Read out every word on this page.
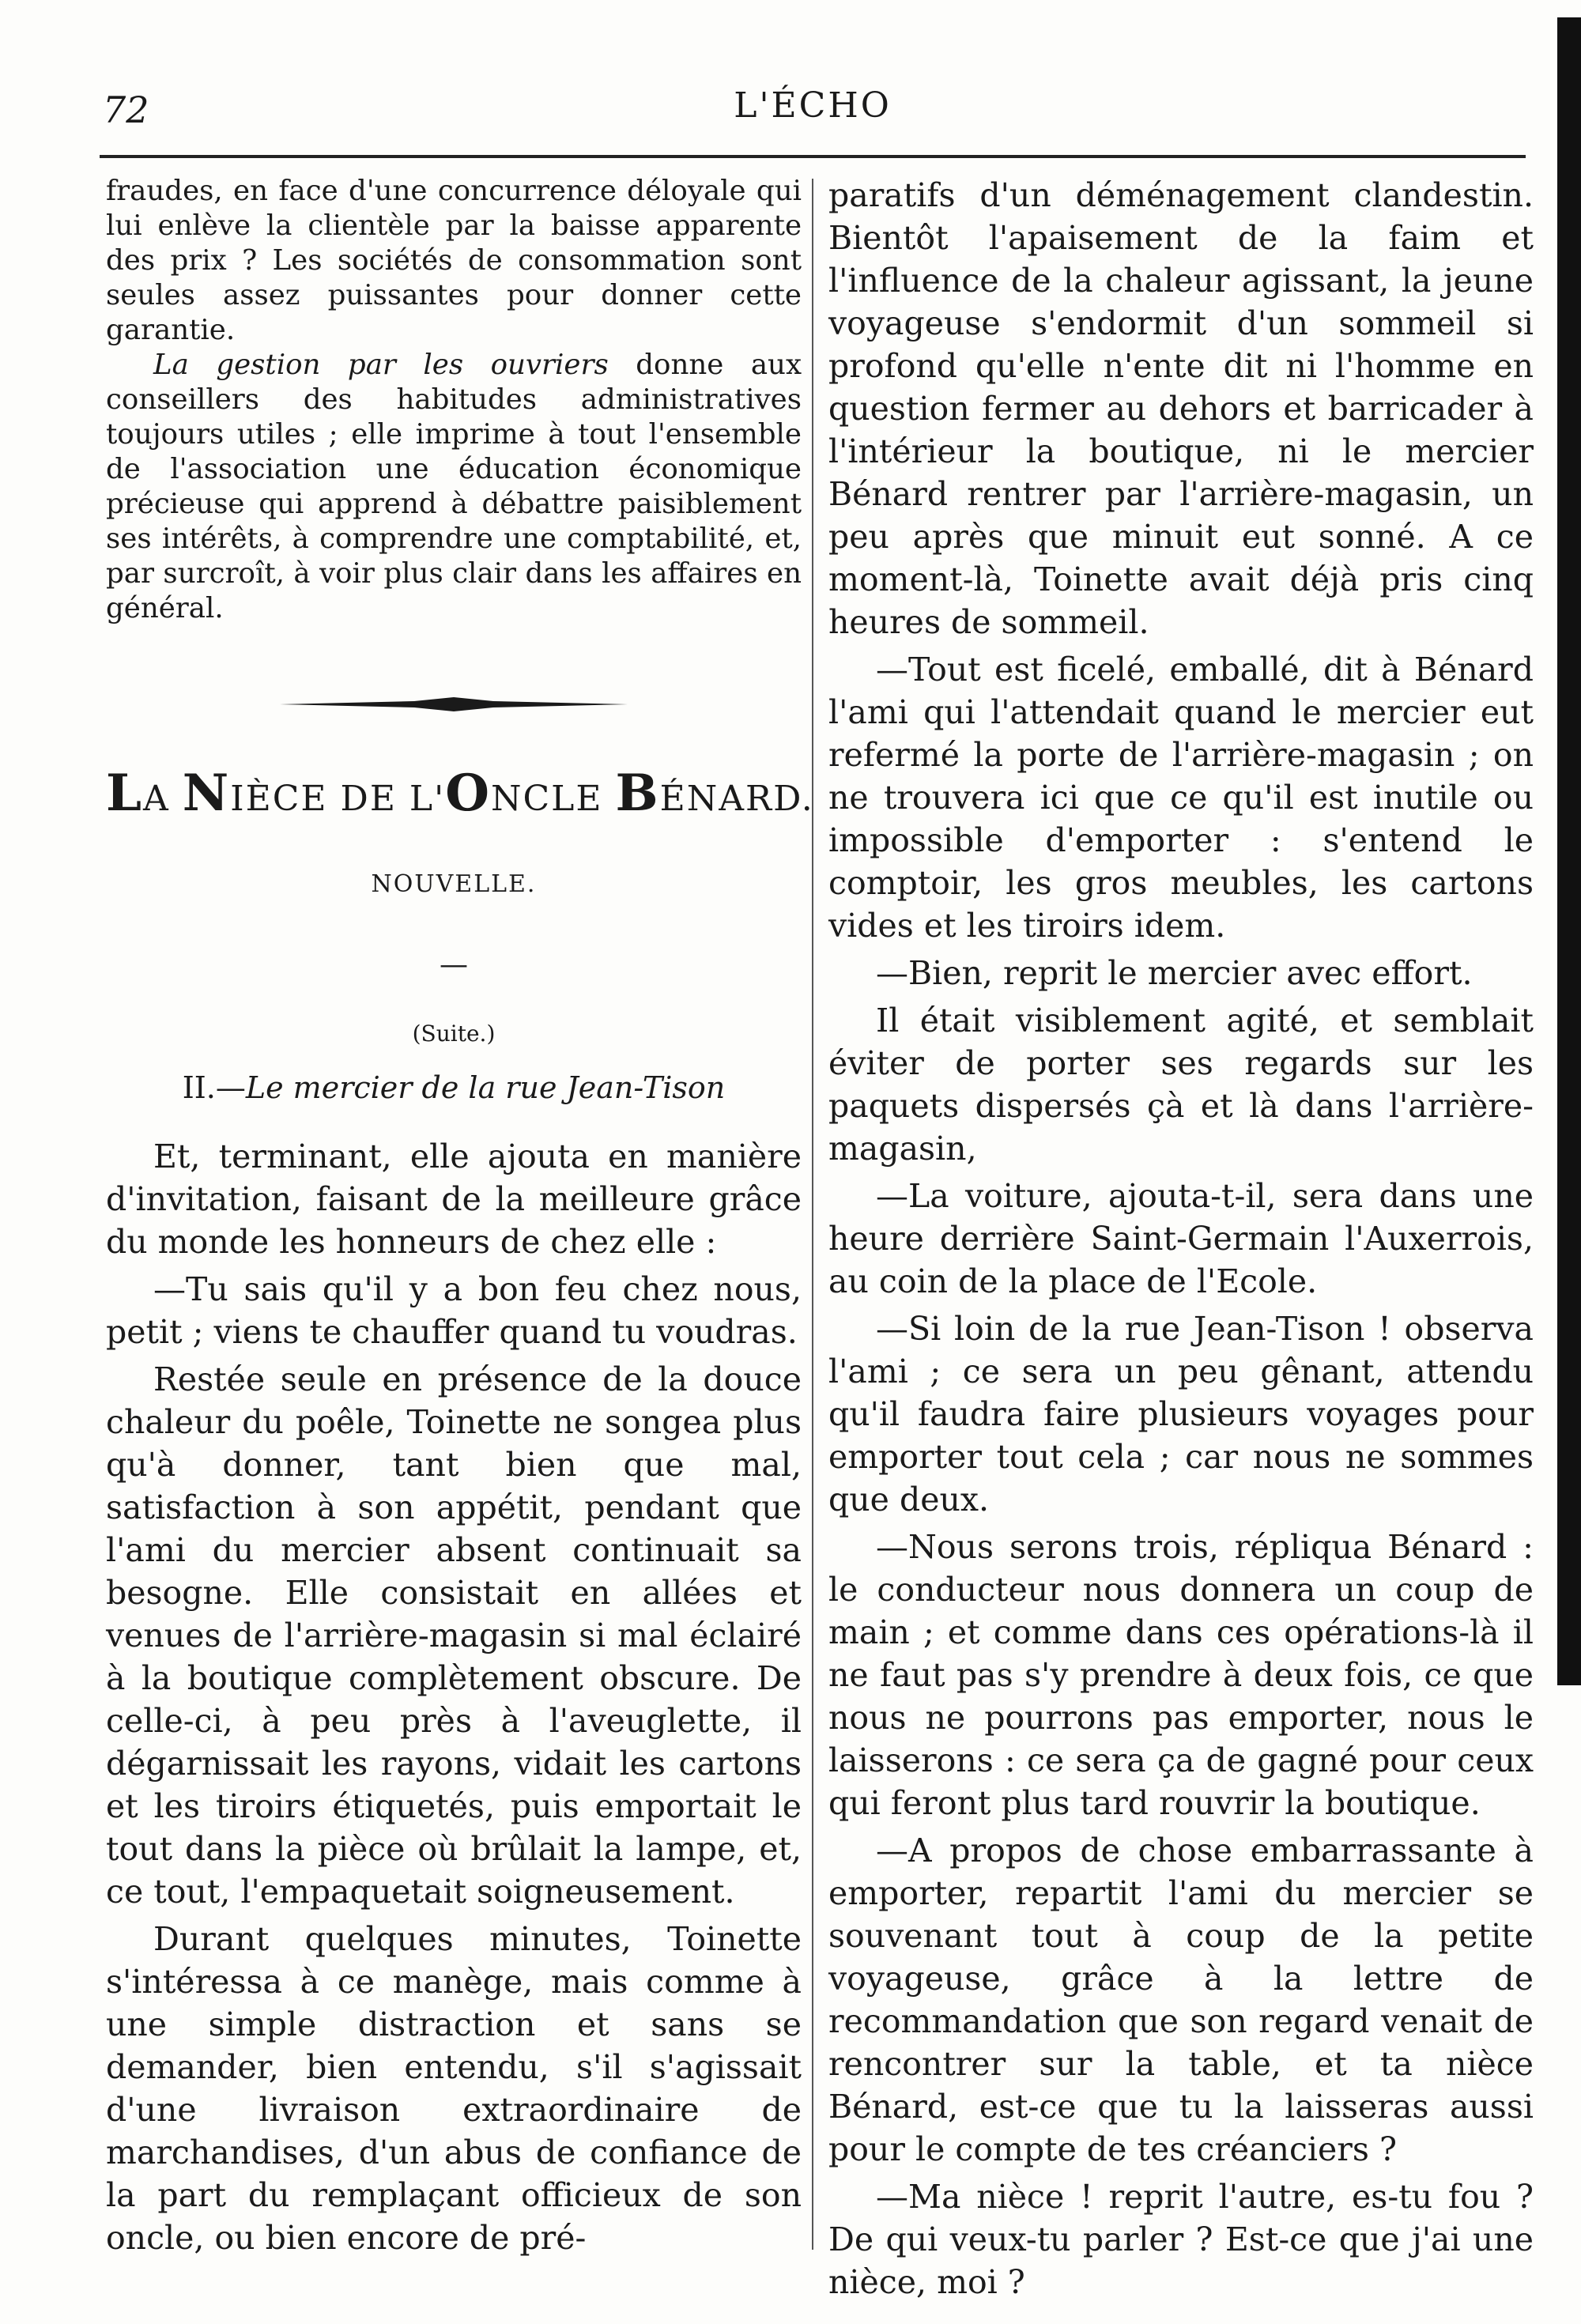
72	L'ÉCHO

fraudes, en face d'une concurrence déloyale qui lui enlève la clientèle par la baisse apparente des prix ? Les sociétés de consommation sont seules assez puissantes pour donner cette garantie.

La gestion par les ouvriers donne aux conseillers des habitudes administratives toujours utiles ; elle imprime à tout l'ensemble de l'association une éducation économique précieuse qui apprend à débattre paisiblement ses intérêts, à comprendre une comptabilité, et, par surcroît, à voir plus clair dans les affaires en général.

LA NIÈCE DE L'ONCLE BÉNARD.
NOUVELLE.
—
(Suite.)
II.—Le mercier de la rue Jean-Tison

Et, terminant, elle ajouta en manière d'invitation, faisant de la meilleure grâce du monde les honneurs de chez elle :

—Tu sais qu'il y a bon feu chez nous, petit ; viens te chauffer quand tu voudras.

Restée seule en présence de la douce chaleur du poêle, Toinette ne songea plus qu'à donner, tant bien que mal, satisfaction à son appétit, pendant que l'ami du mercier absent continuait sa besogne. Elle consistait en allées et venues de l'arrière-magasin si mal éclairé à la boutique complètement obscure. De celle-ci, à peu près à l'aveuglette, il dégarnissait les rayons, vidait les cartons et les tiroirs étiquetés, puis emportait le tout dans la pièce où brûlait la lampe, et, ce tout, l'empaquetait soigneusement.

Durant quelques minutes, Toinette s'intéressa à ce manège, mais comme à une simple distraction et sans se demander, bien entendu, s'il s'agissait d'une livraison extraordinaire de marchandises, d'un abus de confiance de la part du remplaçant officieux de son oncle, ou bien encore de pré-

paratifs d'un déménagement clandestin. Bientôt l'apaisement de la faim et l'influence de la chaleur agissant, la jeune voyageuse s'endormit d'un sommeil si profond qu'elle n'ente dit ni l'homme en question fermer au dehors et barricader à l'intérieur la boutique, ni le mercier Bénard rentrer par l'arrière-magasin, un peu après que minuit eut sonné. A ce moment-là, Toinette avait déjà pris cinq heures de sommeil.

—Tout est ficelé, emballé, dit à Bénard l'ami qui l'attendait quand le mercier eut refermé la porte de l'arrière-magasin ; on ne trouvera ici que ce qu'il est inutile ou impossible d'emporter : s'entend le comptoir, les gros meubles, les cartons vides et les tiroirs idem.

—Bien, reprit le mercier avec effort.

Il était visiblement agité, et semblait éviter de porter ses regards sur les paquets dispersés çà et là dans l'arrière-magasin,

—La voiture, ajouta-t-il, sera dans une heure derrière Saint-Germain l'Auxerrois, au coin de la place de l'Ecole.

—Si loin de la rue Jean-Tison ! observa l'ami ; ce sera un peu gênant, attendu qu'il faudra faire plusieurs voyages pour emporter tout cela ; car nous ne sommes que deux.

—Nous serons trois, répliqua Bénard : le conducteur nous donnera un coup de main ; et comme dans ces opérations-là il ne faut pas s'y prendre à deux fois, ce que nous ne pourrons pas emporter, nous le laisserons : ce sera ça de gagné pour ceux qui feront plus tard rouvrir la boutique.

—A propos de chose embarrassante à emporter, repartit l'ami du mercier se souvenant tout à coup de la petite voyageuse, grâce à la lettre de recommandation que son regard venait de rencontrer sur la table, et ta nièce Bénard, est-ce que tu la laisseras aussi pour le compte de tes créanciers ?

—Ma nièce ! reprit l'autre, es-tu fou ? De qui veux-tu parler ? Est-ce que j'ai une nièce, moi ?
